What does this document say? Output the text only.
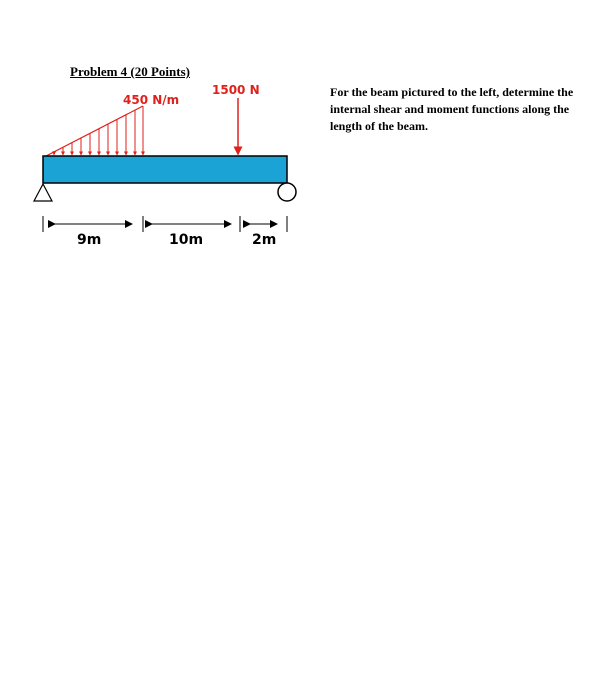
Problem 4 (20 Points)
For the beam pictured to the left, determine the internal shear and moment functions along the length of the beam.
450 N/m
1500 N
9m	10m	2m
